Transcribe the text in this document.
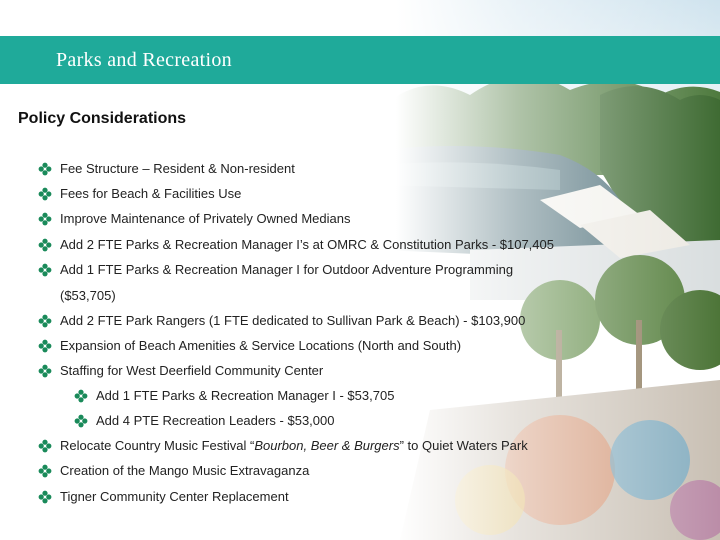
Parks and Recreation
Policy Considerations
Fee Structure – Resident & Non-resident
Fees for Beach & Facilities Use
Improve Maintenance of Privately Owned Medians
Add 2 FTE Parks & Recreation Manager I’s at OMRC & Constitution Parks - $107,405
Add 1 FTE Parks & Recreation Manager I for Outdoor Adventure Programming
($53,705)
Add 2 FTE Park Rangers (1 FTE dedicated to Sullivan Park & Beach) - $103,900
Expansion of Beach Amenities & Service Locations (North and South)
Staffing for West Deerfield Community Center
Add 1 FTE Parks & Recreation Manager I - $53,705
Add 4 PTE Recreation Leaders - $53,000
Relocate Country Music Festival “Bourbon, Beer & Burgers” to Quiet Waters Park
Creation of the Mango Music Extravaganza
Tigner Community Center Replacement
